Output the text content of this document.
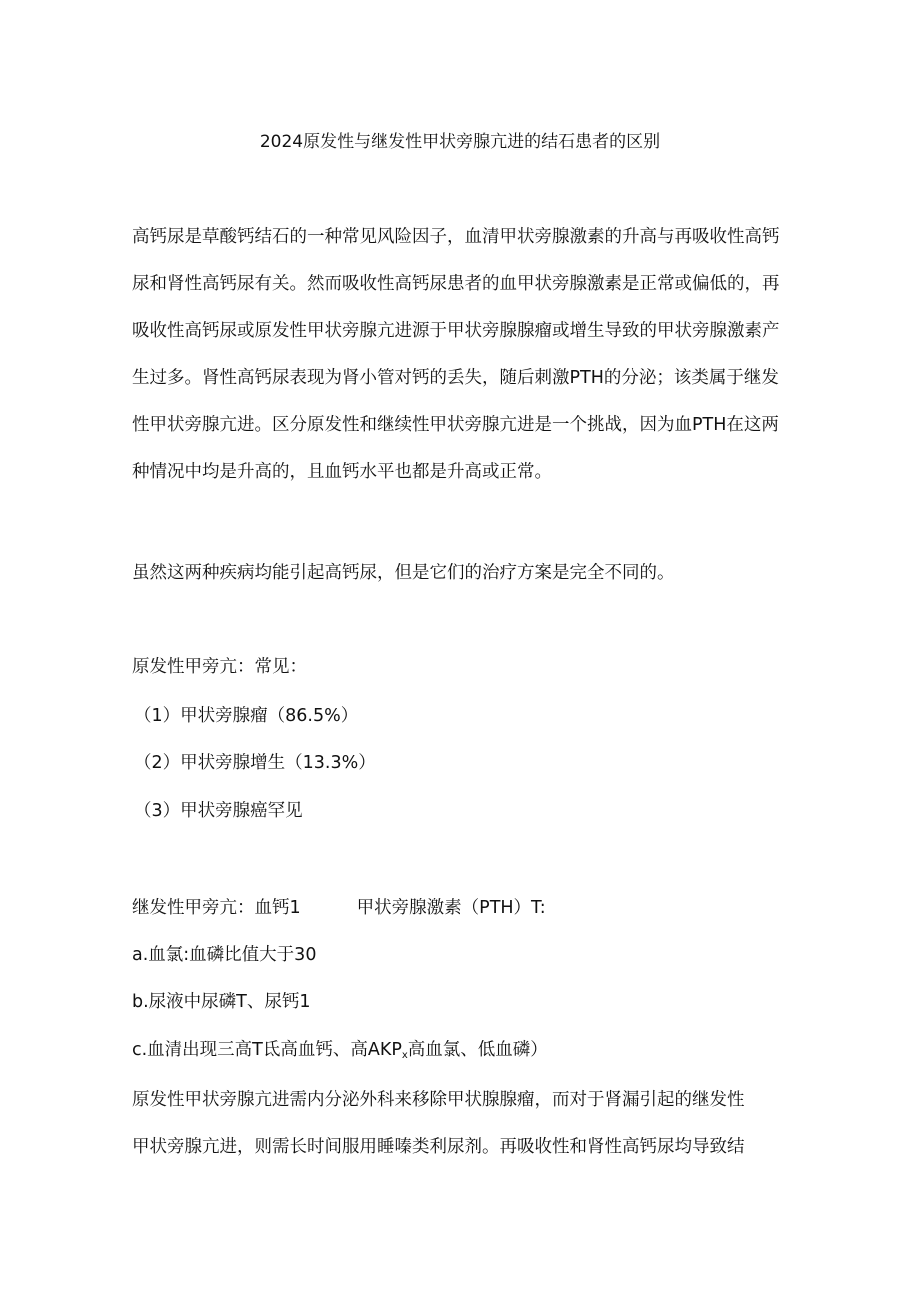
2024原发性与继发性甲状旁腺亢进的结石患者的区别
高钙尿是草酸钙结石的一种常见风险因子，血清甲状旁腺激素的升高与再吸收性高钙尿和肾性高钙尿有关。然而吸收性高钙尿患者的血甲状旁腺激素是正常或偏低的，再吸收性高钙尿或原发性甲状旁腺亢进源于甲状旁腺腺瘤或增生导致的甲状旁腺激素产生过多。肾性高钙尿表现为肾小管对钙的丢失，随后刺激PTH的分泌；该类属于继发性甲状旁腺亢进。区分原发性和继续性甲状旁腺亢进是一个挑战，因为血PTH在这两种情况中均是升高的，且血钙水平也都是升高或正常。
虽然这两种疾病均能引起高钙尿，但是它们的治疗方案是完全不同的。
原发性甲旁亢：常见：
（1）甲状旁腺瘤（86.5%）
（2）甲状旁腺增生（13.3%）
（3）甲状旁腺癌罕见
继发性甲旁亢：血钙1	甲状旁腺激素（PTH）T:
a.血氯:血磷比值大于30
b.尿液中尿磷T、尿钙1
c.血清出现三高T氐高血钙、高$AKP_x$高血氯、低血磷）
原发性甲状旁腺亢进需内分泌外科来移除甲状腺腺瘤，而对于肾漏引起的继发性
甲状旁腺亢进，则需长时间服用睡嗪类利尿剂。再吸收性和肾性高钙尿均导致结
